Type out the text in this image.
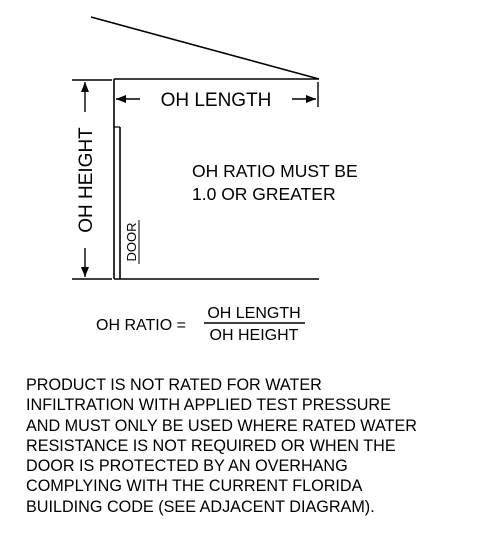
OH LENGTH
OH HEIGHT
DOOR
OH RATIO MUST BE
1.0 OR GREATER
OH RATIO =
OH LENGTH
OH HEIGHT
PRODUCT IS NOT RATED FOR WATER
INFILTRATION WITH APPLIED TEST PRESSURE
AND MUST ONLY BE USED WHERE RATED WATER
RESISTANCE IS NOT REQUIRED OR WHEN THE
DOOR IS PROTECTED BY AN OVERHANG
COMPLYING WITH THE CURRENT FLORIDA
BUILDING CODE (SEE ADJACENT DIAGRAM).
